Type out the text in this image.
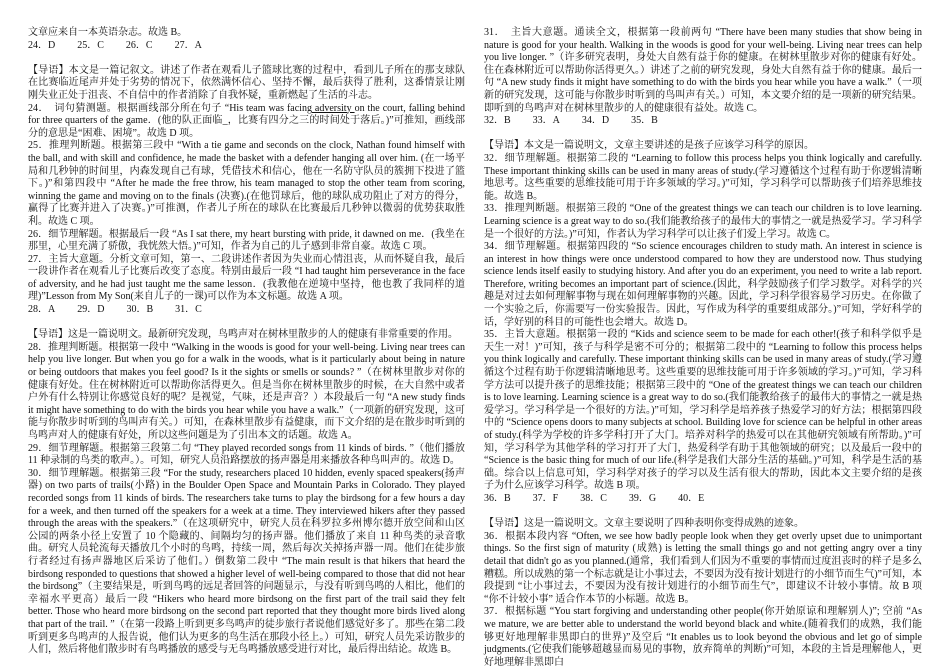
文章应来自一本英语杂志。故选 B。

24．D 25．C 26．C 27．A

【导语】本文是一篇记叙文。讲述了作者在观看儿子篮球比赛的过程中，看到儿子所在的那支球队在比赛临近尾声并处于劣势的情况下，依然满怀信心、坚持不懈，最后获得了胜利，这番情景让刚刚失业正处于沮丧、不自信中的作者消除了自我怀疑，重新燃起了生活的斗志。

24．　词句猜测题。根据画线部分所在句子 “His team was facing adversity on the court, falling behind for three quarters of the game．(他的队正面临_，比赛有四分之三的时间处于落后。)”可推知，画线部分的意思是“困难、困境”。故选 D 项。

25．推理判断题。根据第三段中 “With a tie game and seconds on the clock, Nathan found himself with the ball, and with skill and confidence, he made the basket with a defender hanging all over him. (在一场平局和几秒钟的时间里，内森发现自己有球，凭借技术和信心，他在一名防守队员的簇拥下投进了篮下。)”和第四段中 “After he made the free throw, his team managed to stop the other team from scoring, winning the game and moving on to the finals (决赛).(在他罚球后，他的球队成功阻止了对方的得分，赢得了比赛并进入了决赛。)”可推测，作者儿子所在的球队在比赛最后几秒钟以微弱的优势获取胜利。故选 C 项。

26．细节理解题。根据最后一段 “As I sat there, my heart bursting with pride, it dawned on me．(我坐在那里，心里充满了骄傲，我恍然大悟。)”可知，作者为自己的儿子感到非常自豪。故选 C 项。

27．主旨大意题。分析文章可知，第一、二段讲述作者因为失业而心情沮丧，从而怀疑自我，最后一段讲作者在观看儿子比赛后改变了态度。特别由最后一段 “I had taught him perseverance in the face of adversity, and he had just taught me the same lesson．(我教他在逆境中坚持，他也教了我同样的道理)”Lesson from My Son(来自儿子的一课)可以作为本文标题。故选 A 项。

28．A 29．D 30．B 31．C

【导语】这是一篇说明文。最新研究发现，鸟鸣声对在树林里散步的人的健康有非常重要的作用。

28．推理判断题。根据第一段中 “Walking in the woods is good for your well-being. Living near trees can help you live longer. But when you go for a walk in the woods, what is it particularly about being in nature or being outdoors that makes you feel good? Is it the sights or smells or sounds? ”（在树林里散步对你的健康有好处。住在树林附近可以帮助你活得更久。但是当你在树林里散步的时候，在大自然中或者户外有什么特别让你感觉良好的呢？是视觉，气味，还是声音？）本段最后一句 “A new study finds it might have something to do with the birds you hear while you have a walk.”（一项新的研究发现，这可能与你散步时听到的鸟叫声有关。）可知，在森林里散步有益健康，而下文介绍的是在散步时听到的鸟鸣声对人的健康有好处，所以这些问题是为了引出本文的话题。故选 A。

29．细节理解题。根据第三段第二句 “They played recorded songs from 11 kinds of birds. ”（他们播放 11 种录制的鸟类的歌声。）。可知，研究人员沿路摆放的扬声器是用来播放各种鸟叫声的。故选 D。

30．细节理解题。根据第三段 “For the study, researchers placed 10 hidden, evenly spaced speakers(扬声器) on two parts of trails(小路) in the Boulder Open Space and Mountain Parks in Colorado. They played recorded songs from 11 kinds of birds. The researchers take turns to play the birdsong for a few hours a day for a week, and then turned off the speakers for a week at a time. They interviewed hikers after they passed through the areas with the speakers.”（在这项研究中，研究人员在科罗拉多州博尔德开放空间和山区公园的两条小径上安置了 10 个隐藏的、间隔均匀的扬声器。他们播放了来自 11 种鸟类的录音歌曲。研究人员轮流每天播放几个小时的鸟鸣，持续一周，然后每次关掉扬声器一周。他们在徒步旅行者经过有扬声器地区后采访了他们。）倒数第二段中 “The main result is that hikers that heard the birdsong responded to questions that showed a higher level of well-being compared to those that did not hear the birdsong”（主要结果是，听到鸟鸣的远足者回答的问题显示，与没有听到鸟鸣的人相比，他们的幸福水平更高）最后一段 “Hikers who heard more birdsong on the first part of the trail said they felt better. Those who heard more birdsong on the second part reported that they thought more birds lived along that part of the trail. ”（在第一段路上听到更多鸟鸣声的徒步旅行者说他们感觉好多了。那些在第二段听到更多鸟鸣声的人报告说，他们认为更多的鸟生活在那段小径上。）可知，研究人员先采访散步的人们，然后将他们散步时有鸟鸣播放的感受与无鸟鸣播放感受进行对比，最后得出结论。故选 B。

31．　主旨大意题。通读全文，根据第一段前两句 “There have been many studies that show being in nature is good for your health. Walking in the woods is good for your well-being. Living near trees can help you live longer. ”（许多研究表明，身处大自然有益于你的健康。在树林里散步对你的健康有好处。住在森林附近可以帮助你活得更久。）讲述了之前的研究发现，身处大自然有益于你的健康。最后一句 “A new study finds it might have something to do with the birds you hear while you have a walk.”（一项新的研究发现，这可能与你散步时听到的鸟叫声有关。）可知，本文要介绍的是一项新的研究结果。即听到的鸟鸣声对在树林里散步的人的健康很有益处。故选 C。

32．B 33．A 34．D 35．B

【导语】本文是一篇说明文，文章主要讲述的是孩子应该学习科学的原因。

32．细节理解题。根据第二段的 “Learning to follow this process helps you think logically and carefully. These important thinking skills can be used in many areas of study.(学习遵循这个过程有助于你逻辑清晰地思考。这些重要的思维技能可用于许多领域的学习。)”可知，学习科学可以帮助孩子们培养思维技能。故选 B。

33．推理判断题。根据第三段的 “One of the greatest things we can teach our children is to love learning. Learning science is a great way to do so.(我们能教给孩子的最伟大的事情之一就是热爱学习。学习科学是一个很好的方法。)”可知，作者认为学习科学可以让孩子们爱上学习。故选 C。

34．细节理解题。根据第四段的 “So science encourages children to study math. An interest in science is an interest in how things were once understood compared to how they are understood now. Thus studying science lends itself easily to studying history. And after you do an experiment, you need to write a lab report. Therefore, writing becomes an important part of science.(因此，科学鼓励孩子们学习数学。对科学的兴趣是对过去如何理解事物与现在如何理解事物的兴趣。因此，学习科学很容易学习历史。在你做了一个实验之后，你需要写一份实验报告。因此，写作成为科学的重要组成部分。)”可知，学好科学的话，学好别的科目的可能性也会增大。故选 D。

35．主旨大意题。根据第一段的 “Kids and science seem to be made for each other!(孩子和科学似乎是天生一对！)”可知，孩子与科学是密不可分的；根据第二段中的 “Learning to follow this process helps you think logically and carefully. These important thinking skills can be used in many areas of study.(学习遵循这个过程有助于你逻辑清晰地思考。这些重要的思维技能可用于许多领域的学习。)”可知，学习科学方法可以提升孩子的思维技能；根据第三段中的 “One of the greatest things we can teach our children is to love learning. Learning science is a great way to do so.(我们能教给孩子的最伟大的事情之一就是热爱学习。学习科学是一个很好的方法。)”可知，学习科学是培养孩子热爱学习的好方法；根据第四段中的 “Science opens doors to many subjects at school. Building love for science can be helpful in other areas of study.(科学为学校的许多学科打开了大门。培养对科学的热爱可以在其他研究领域有所帮助。)”可知，学习科学为其他学科的学习打开了大门，热爱科学有助于其他领域的研究；以及最后一段中的 “Science is the basic thing for much of our life.(科学是我们大部分生活的基础。)”可知，科学是生活的基础。综合以上信息可知，学习科学对孩子的学习以及生活有很大的帮助，因此本文主要介绍的是孩子为什么应该学习科学。故选 B 项。

36．B 37．F 38．C 39．G 40．E

【导语】这是一篇说明文。文章主要说明了四种表明你变得成熟的迹象。

36．根据本段内容 “Often, we see how badly people look when they get overly upset due to unimportant things. So the first sign of maturity (成熟) is letting the small things go and not getting angry over a tiny detail that didn't go as you planned.(通常，我们看到人们因为不重要的事情而过度沮丧时的样子是多么糟糕。所以成熟的第一个标志就是让小事过去，不要因为没有按计划进行的小细节而生气)”可知，本段提到 “让小事过去，不要因为没有按计划进行的小细节而生气”，即建议不计较小事情。故 B 项 “你不计较小事” 适合作本节的小标题。故选 B。

37．根据标题 “You start forgiving and understanding other people(你开始原谅和理解别人)”; 空前 “As we mature, we are better able to understand the world beyond black and white.(随着我们的成熟，我们能够更好地理解非黑即白的世界)”及空后 “It enables us to look beyond the obvious and let go of simple judgments.(它使我们能够超越显而易见的事物，放弃简单的判断)”可知，本段的主旨是理解他人，更好地理解非黑即白
